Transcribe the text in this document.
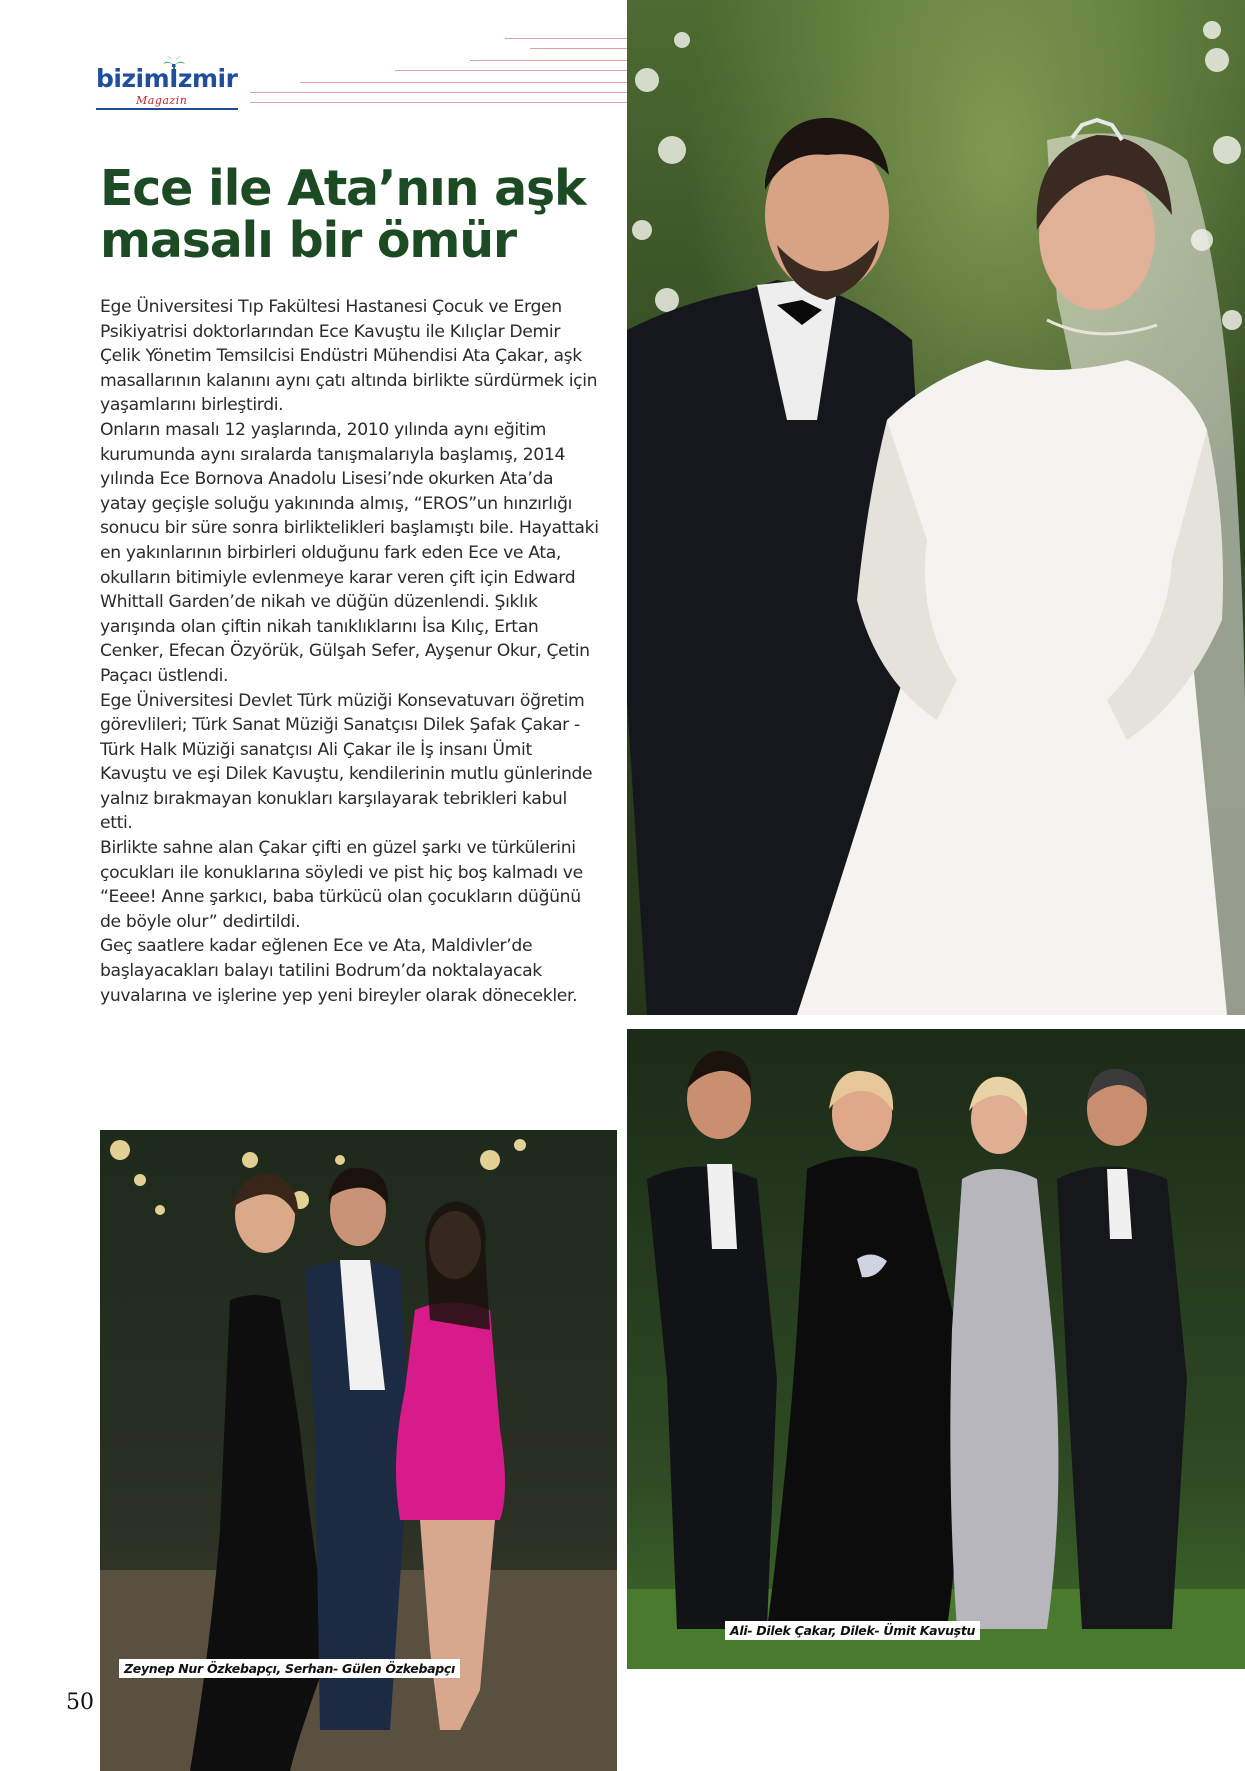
bizimİzmir
Magazin
Ece ile Ata’nın aşk
masalı bir ömür

Ege Üniversitesi Tıp Fakültesi Hastanesi Çocuk ve Ergen Psikiyatrisi doktorlarından Ece Kavuştu ile Kılıçlar Demir Çelik Yönetim Temsilcisi Endüstri Mühendisi Ata Çakar, aşk masallarının kalanını aynı çatı altında birlikte sürdürmek için yaşamlarını birleştirdi.

Onların masalı 12 yaşlarında, 2010 yılında aynı eğitim kurumunda aynı sıralarda tanışmalarıyla başlamış, 2014 yılında Ece Bornova Anadolu Lisesi’nde okurken Ata’da yatay geçişle soluğu yakınında almış, “EROS”un hınzırlığı sonucu bir süre sonra birliktelikleri başlamıştı bile. Hayattaki en yakınlarının birbirleri olduğunu fark eden Ece ve Ata, okulların bitimiyle evlenmeye karar veren çift için Edward Whittall Garden’de nikah ve düğün düzenlendi. Şıklık yarışında olan çiftin nikah tanıklıklarını İsa Kılıç, Ertan Cenker, Efecan Özyörük, Gülşah Sefer, Ayşenur Okur, Çetin Paçacı üstlendi.

Ege Üniversitesi Devlet Türk müziği Konsevatuvarı öğretim görevlileri; Türk Sanat Müziği Sanatçısı Dilek Şafak Çakar - Türk Halk Müziği sanatçısı Ali Çakar ile İş insanı Ümit Kavuştu ve eşi Dilek Kavuştu, kendilerinin mutlu günlerinde yalnız bırakmayan konukları karşılayarak tebrikleri kabul etti.

Birlikte sahne alan Çakar çifti en güzel şarkı ve türkülerini çocukları ile konuklarına söyledi ve pist hiç boş kalmadı ve “Eeee! Anne şarkıcı, baba türkücü olan çocukların düğünü de böyle olur” dedirtildi.

Geç saatlere kadar eğlenen Ece ve Ata, Maldivler’de başlayacakları balayı tatilini Bodrum’da noktalayacak yuvalarına ve işlerine yep yeni bireyler olarak dönecekler.

Zeynep Nur Özkebapçı, Serhan- Gülen Özkebapçı
Ali- Dilek Çakar, Dilek- Ümit Kavuştu
50
